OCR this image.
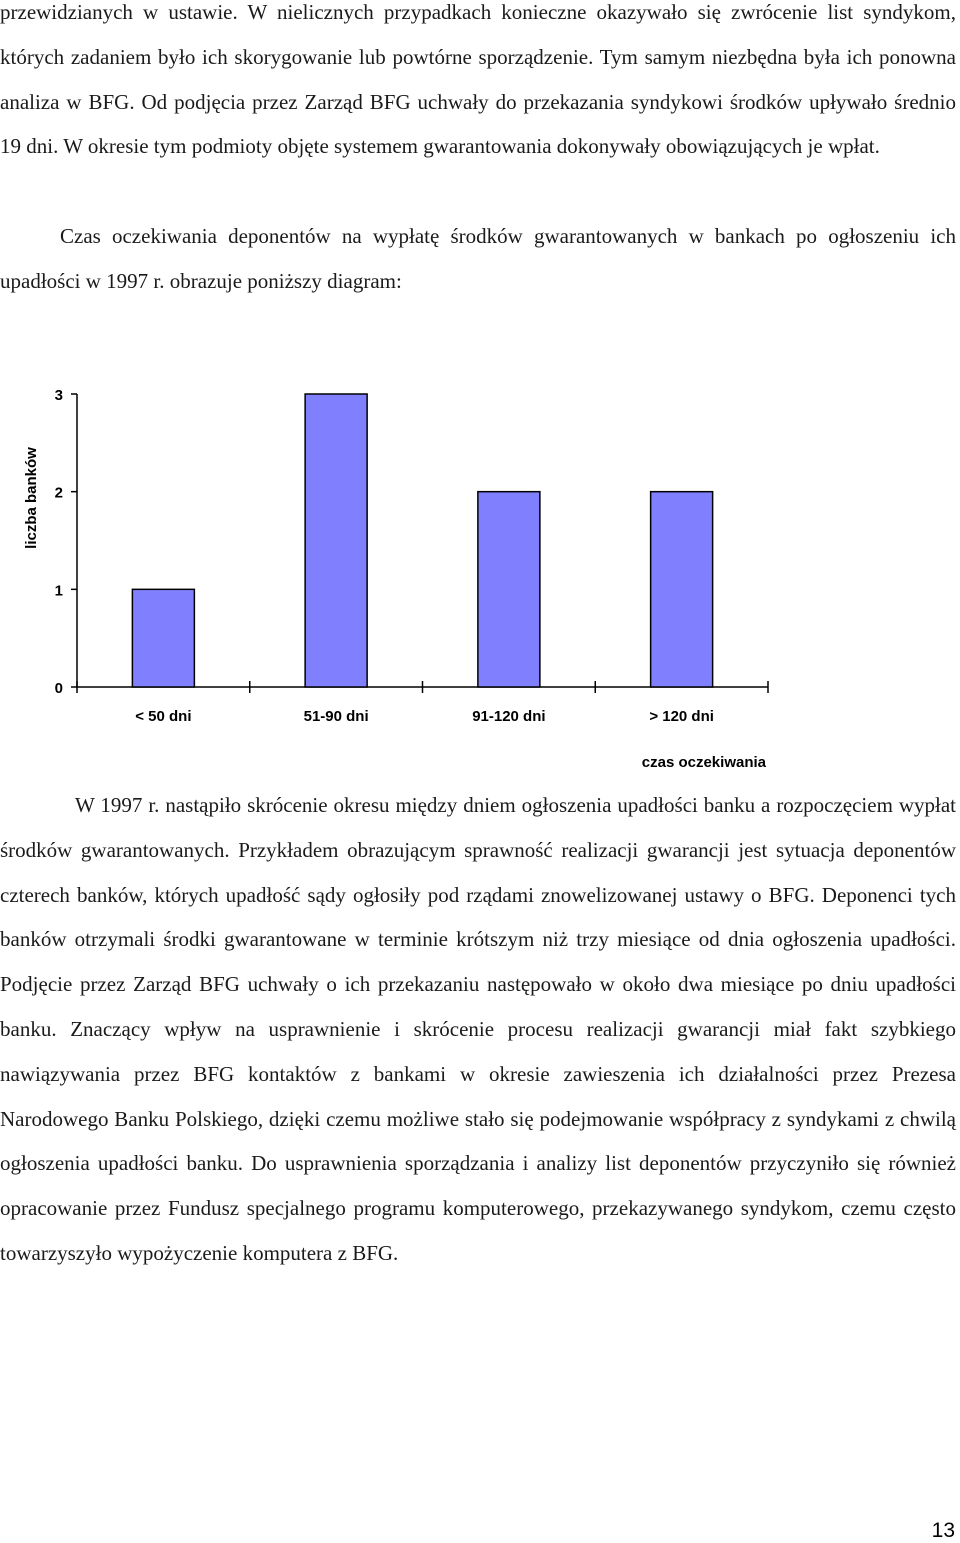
przewidzianych w ustawie. W nielicznych przypadkach konieczne okazywało się zwrócenie list syndykom, których zadaniem było ich skorygowanie lub powtórne sporządzenie. Tym samym niezbędna była ich ponowna analiza w BFG. Od podjęcia przez Zarząd BFG uchwały do przekazania syndykowi środków upływało średnio 19 dni. W okresie tym podmioty objęte systemem gwarantowania dokonywały obowiązujących je wpłat.

Czas oczekiwania deponentów na wypłatę środków gwarantowanych w bankach po ogłoszeniu ich upadłości w 1997 r. obrazuje poniższy diagram:

liczba banków
0
1
2
3
< 50 dni	51-90 dni	91-120 dni	> 120 dni
czas oczekiwania

W 1997 r. nastąpiło skrócenie okresu między dniem ogłoszenia upadłości banku a rozpoczęciem wypłat środków gwarantowanych. Przykładem obrazującym sprawność realizacji gwarancji jest sytuacja deponentów czterech banków, których upadłość sądy ogłosiły pod rządami znowelizowanej ustawy o BFG. Deponenci tych banków otrzymali środki gwarantowane w terminie krótszym niż trzy miesiące od dnia ogłoszenia upadłości. Podjęcie przez Zarząd BFG uchwały o ich przekazaniu następowało w około dwa miesiące po dniu upadłości banku. Znaczący wpływ na usprawnienie i skrócenie procesu realizacji gwarancji miał fakt szybkiego nawiązywania przez BFG kontaktów z bankami w okresie zawieszenia ich działalności przez Prezesa Narodowego Banku Polskiego, dzięki czemu możliwe stało się podejmowanie współpracy z syndykami z chwilą ogłoszenia upadłości banku. Do usprawnienia sporządzania i analizy list deponentów przyczyniło się również opracowanie przez Fundusz specjalnego programu komputerowego, przekazywanego syndykom, czemu często towarzyszyło wypożyczenie komputera z BFG.

13
